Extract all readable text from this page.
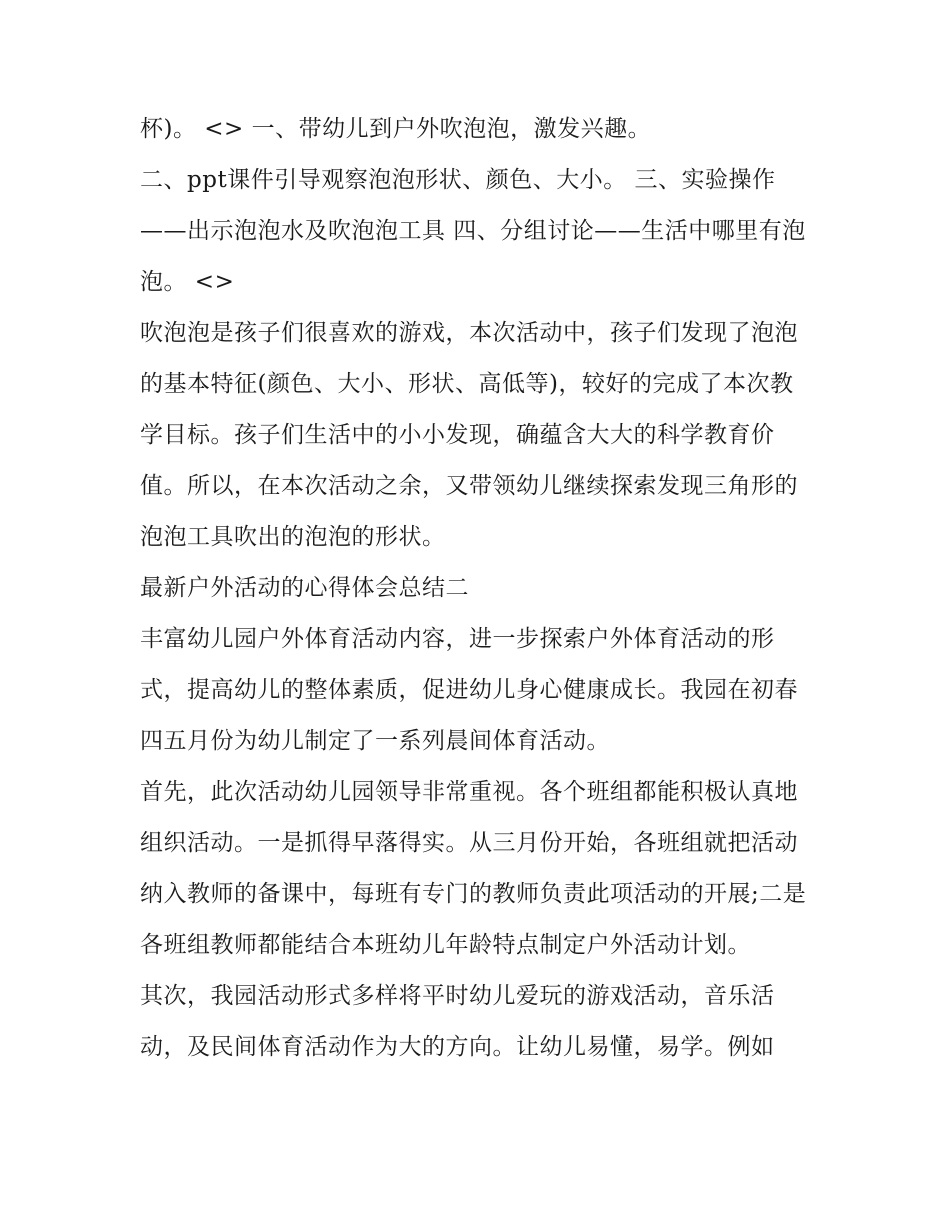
杯)。 <> 一、带幼儿到户外吹泡泡，激发兴趣。

二、ppt课件引导观察泡泡形状、颜色、大小。 三、实验操作——出示泡泡水及吹泡泡工具 四、分组讨论——生活中哪里有泡泡。 <>

吹泡泡是孩子们很喜欢的游戏，本次活动中，孩子们发现了泡泡的基本特征(颜色、大小、形状、高低等)，较好的完成了本次教学目标。孩子们生活中的小小发现，确蕴含大大的科学教育价值。所以，在本次活动之余，又带领幼儿继续探索发现三角形的泡泡工具吹出的泡泡的形状。

最新户外活动的心得体会总结二

丰富幼儿园户外体育活动内容，进一步探索户外体育活动的形式，提高幼儿的整体素质，促进幼儿身心健康成长。我园在初春四五月份为幼儿制定了一系列晨间体育活动。

首先，此次活动幼儿园领导非常重视。各个班组都能积极认真地组织活动。一是抓得早落得实。从三月份开始，各班组就把活动纳入教师的备课中，每班有专门的教师负责此项活动的开展;二是各班组教师都能结合本班幼儿年龄特点制定户外活动计划。

其次，我园活动形式多样将平时幼儿爱玩的游戏活动，音乐活动，及民间体育活动作为大的方向。让幼儿易懂，易学。例如
